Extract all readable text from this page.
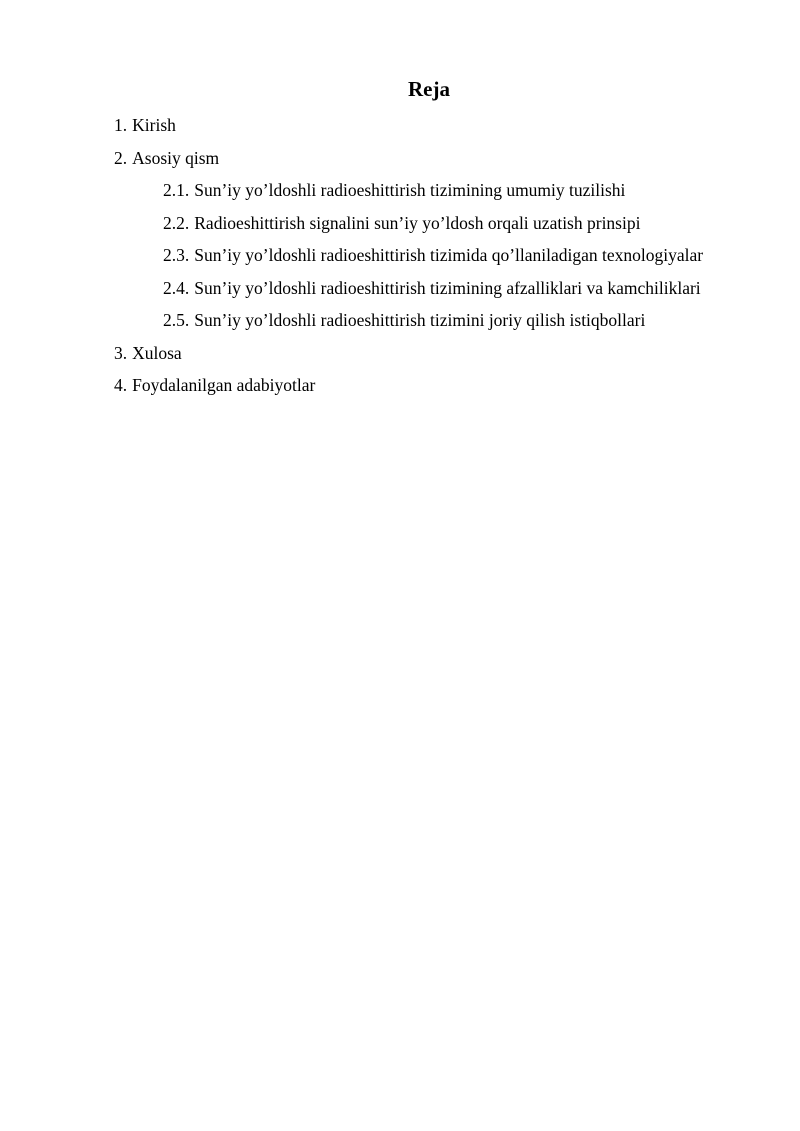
Reja
1. Kirish
2. Asosiy qism
2.1. Sun’iy yo’ldoshli radioeshittirish tizimining umumiy tuzilishi
2.2. Radioeshittirish signalini sun’iy yo’ldosh orqali uzatish prinsipi
2.3. Sun’iy yo’ldoshli radioeshittirish tizimida qo’llaniladigan texnologiyalar
2.4. Sun’iy yo’ldoshli radioeshittirish tizimining afzalliklari va kamchiliklari
2.5. Sun’iy yo’ldoshli radioeshittirish tizimini joriy qilish istiqbollari
3. Xulosa
4. Foydalanilgan adabiyotlar
